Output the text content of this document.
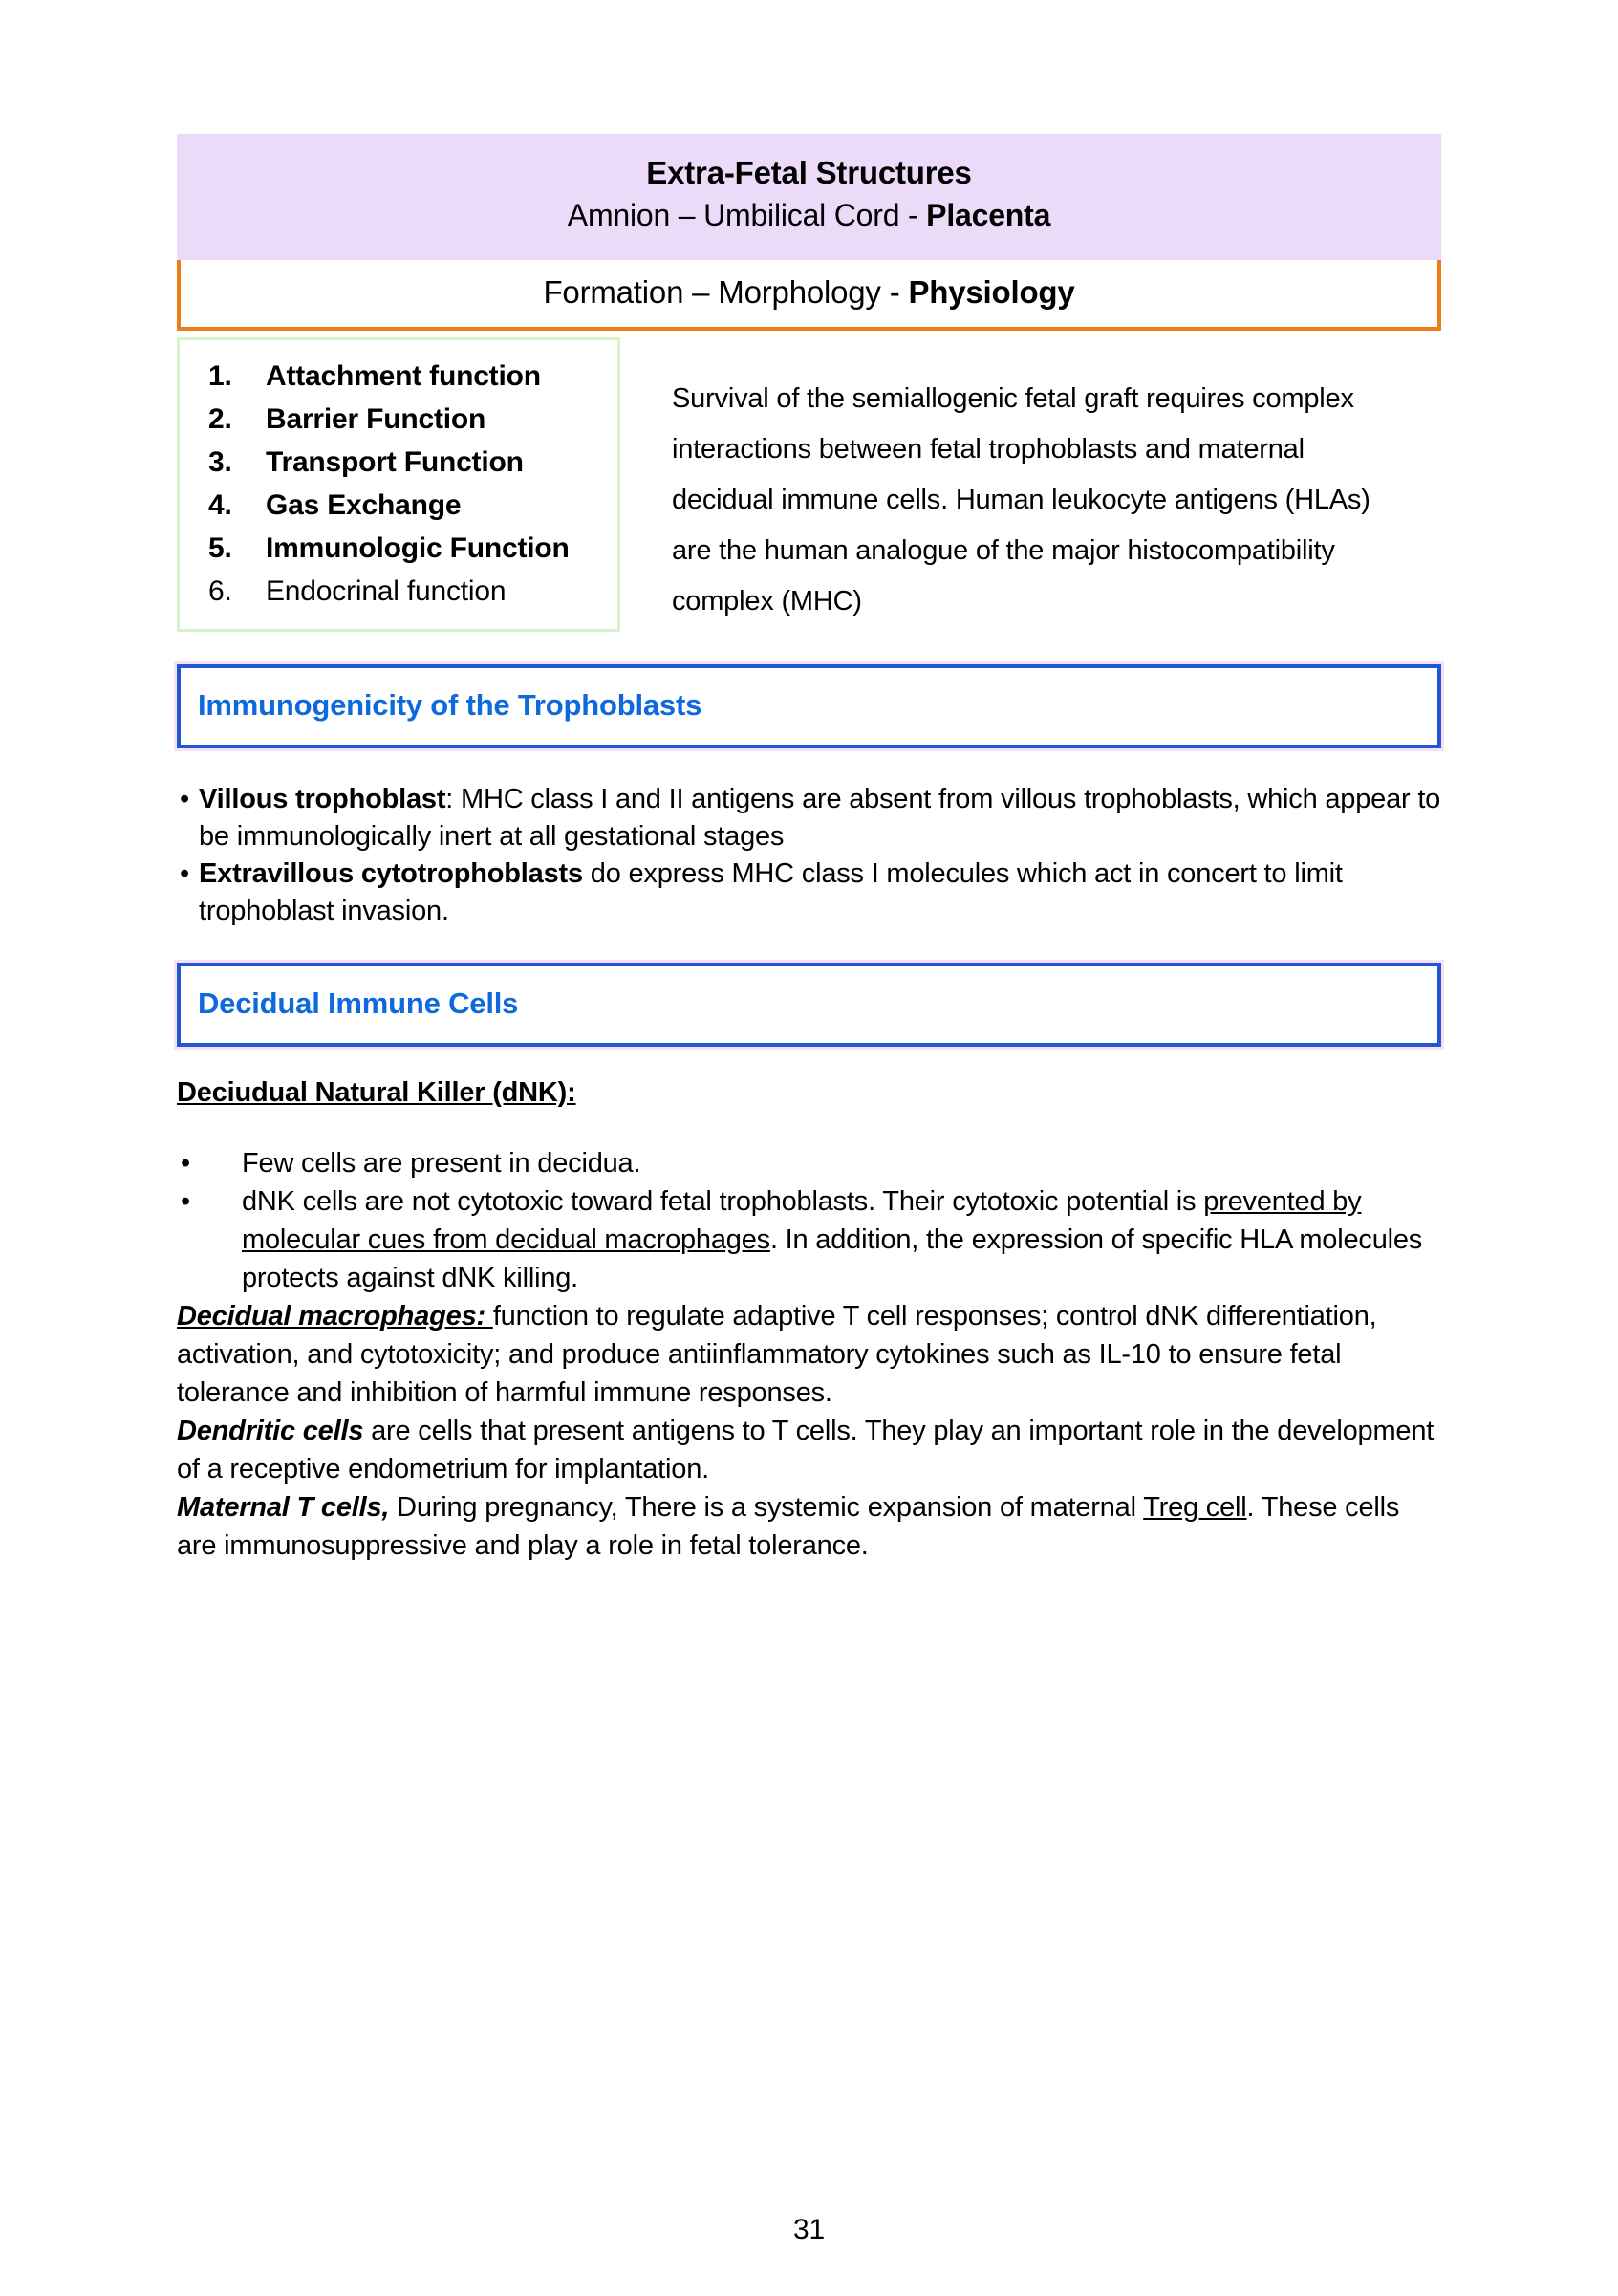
Extra-Fetal Structures
Amnion – Umbilical Cord - Placenta
Formation – Morphology - Physiology
1.	Attachment function
2.	Barrier Function
3.	Transport Function
4.	Gas Exchange
5.	Immunologic Function
6.	Endocrinal function
Survival of the semiallogenic fetal graft requires complex interactions between fetal trophoblasts and maternal decidual immune cells. Human leukocyte antigens (HLAs) are the human analogue of the major histocompatibility complex (MHC)
Immunogenicity of the Trophoblasts
• Villous trophoblast: MHC class I and II antigens are absent from villous trophoblasts, which appear to be immunologically inert at all gestational stages
• Extravillous cytotrophoblasts do express MHC class I molecules which act in concert to limit trophoblast invasion.
Decidual Immune Cells
Deciudual Natural Killer (dNK):
• Few cells are present in decidua.
• dNK cells are not cytotoxic toward fetal trophoblasts. Their cytotoxic potential is prevented by molecular cues from decidual macrophages. In addition, the expression of specific HLA molecules protects against dNK killing.

Decidual macrophages: function to regulate adaptive T cell responses; control dNK differentiation, activation, and cytotoxicity; and produce antiinflammatory cytokines such as IL-10 to ensure fetal tolerance and inhibition of harmful immune responses.

Dendritic cells are cells that present antigens to T cells. They play an important role in the development of a receptive endometrium for implantation.

Maternal T cells, During pregnancy, There is a systemic expansion of maternal Treg cell. These cells are immunosuppressive and play a role in fetal tolerance.

31
